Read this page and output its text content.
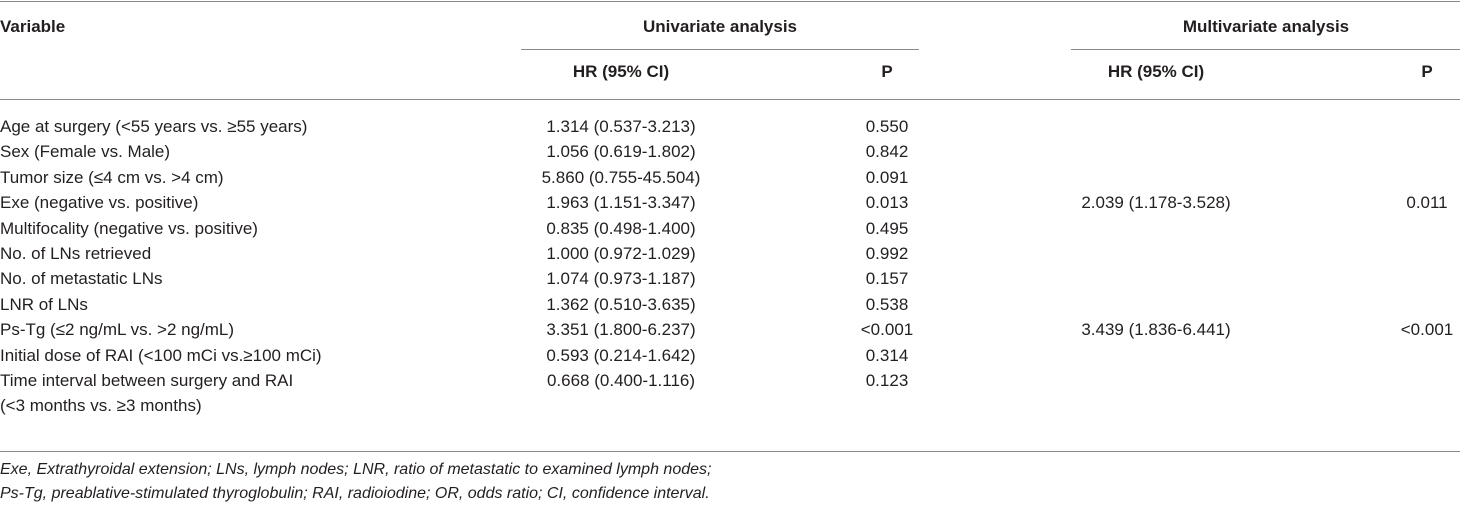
Variable	Univariate analysis	Multivariate analysis
HR (95% CI)	P	HR (95% CI)	P
Age at surgery (<55 years vs. ≥55 years)	1.314 (0.537-3.213)	0.550
Sex (Female vs. Male)	1.056 (0.619-1.802)	0.842
Tumor size (≤4 cm vs. >4 cm)	5.860 (0.755-45.504)	0.091
Exe (negative vs. positive)	1.963 (1.151-3.347)	0.013	2.039 (1.178-3.528)	0.011
Multifocality (negative vs. positive)	0.835 (0.498-1.400)	0.495
No. of LNs retrieved	1.000 (0.972-1.029)	0.992
No. of metastatic LNs	1.074 (0.973-1.187)	0.157
LNR of LNs	1.362 (0.510-3.635)	0.538
Ps-Tg (≤2 ng/mL vs. >2 ng/mL)	3.351 (1.800-6.237)	<0.001	3.439 (1.836-6.441)	<0.001
Initial dose of RAI (<100 mCi vs.≥100 mCi)	0.593 (0.214-1.642)	0.314
Time interval between surgery and RAI	0.668 (0.400-1.116)	0.123
(<3 months vs. ≥3 months)
Exe, Extrathyroidal extension; LNs, lymph nodes; LNR, ratio of metastatic to examined lymph nodes;
Ps-Tg, preablative-stimulated thyroglobulin; RAI, radioiodine; OR, odds ratio; CI, confidence interval.
